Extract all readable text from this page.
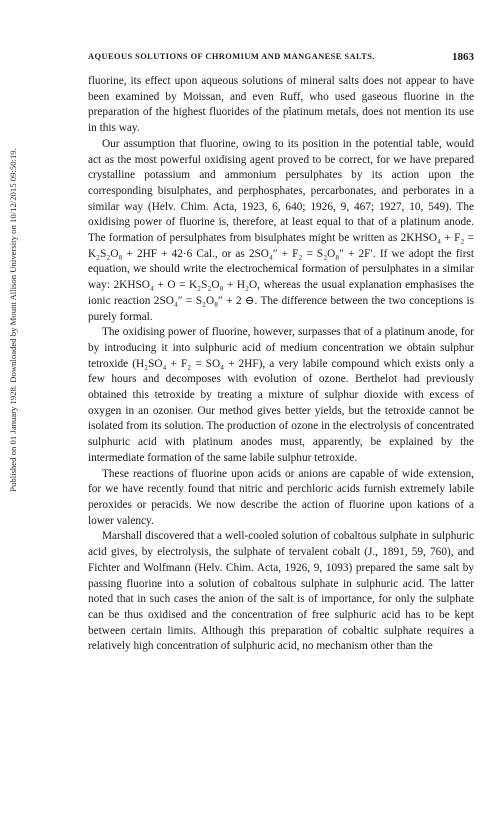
AQUEOUS SOLUTIONS OF CHROMIUM AND MANGANESE SALTS.	1863
Published on 01 January 1928. Downloaded by Mount Allison University on 10/12/2015 09:50:19.

fluorine, its effect upon aqueous solutions of mineral salts does not appear to have been examined by Moissan, and even Ruff, who used gaseous fluorine in the preparation of the highest fluorides of the platinum metals, does not mention its use in this way.

Our assumption that fluorine, owing to its position in the potential table, would act as the most powerful oxidising agent proved to be correct, for we have prepared crystalline potassium and ammonium persulphates by its action upon the corresponding bisulphates, and perphosphates, percarbonates, and perborates in a similar way (Helv. Chim. Acta, 1923, 6, 640; 1926, 9, 467; 1927, 10, 549). The oxidising power of fluorine is, therefore, at least equal to that of a platinum anode. The formation of persulphates from bisulphates might be written as 2KHSO₄ + F₂ = K₂S₂O₈ + 2HF + 42·6 Cal., or as 2SO₄″ + F₂ = S₂O₈″ + 2F′. If we adopt the first equation, we should write the electrochemical formation of persulphates in a similar way: 2KHSO₄ + O = K₂S₂O₈ + H₂O, whereas the usual explanation emphasises the ionic reaction 2SO₄″ = S₂O₈″ + 2 ⊖. The difference between the two conceptions is purely formal.

The oxidising power of fluorine, however, surpasses that of a platinum anode, for by introducing it into sulphuric acid of medium concentration we obtain sulphur tetroxide (H₂SO₄ + F₂ = SO₄ + 2HF), a very labile compound which exists only a few hours and decomposes with evolution of ozone. Berthelot had previously obtained this tetroxide by treating a mixture of sulphur dioxide with excess of oxygen in an ozoniser. Our method gives better yields, but the tetroxide cannot be isolated from its solution. The production of ozone in the electrolysis of concentrated sulphuric acid with platinum anodes must, apparently, be explained by the intermediate formation of the same labile sulphur tetroxide.

These reactions of fluorine upon acids or anions are capable of wide extension, for we have recently found that nitric and perchloric acids furnish extremely labile peroxides or peracids. We now describe the action of fluorine upon kations of a lower valency.

Marshall discovered that a well-cooled solution of cobaltous sulphate in sulphuric acid gives, by electrolysis, the sulphate of tervalent cobalt (J., 1891, 59, 760), and Fichter and Wolfmann (Helv. Chim. Acta, 1926, 9, 1093) prepared the same salt by passing fluorine into a solution of cobaltous sulphate in sulphuric acid. The latter noted that in such cases the anion of the salt is of importance, for only the sulphate can be thus oxidised and the concentration of free sulphuric acid has to be kept between certain limits. Although this preparation of cobaltic sulphate requires a relatively high concentration of sulphuric acid, no mechanism other than the
